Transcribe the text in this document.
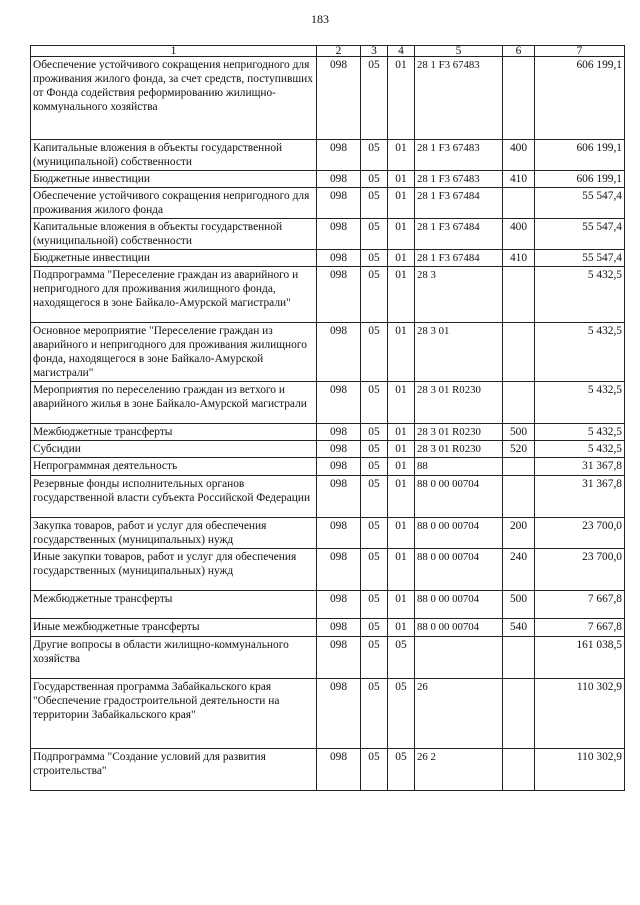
183
1	2	3	4	5	6	7
Обеспечение устойчивого сокращения непригодного для проживания жилого фонда, за счет средств, поступивших от Фонда содействия реформированию жилищно-коммунального хозяйства	098	05	01	28 1 F3 67483		606 199,1
Капитальные вложения в объекты государственной (муниципальной) собственности	098	05	01	28 1 F3 67483	400	606 199,1
Бюджетные инвестиции	098	05	01	28 1 F3 67483	410	606 199,1
Обеспечение устойчивого сокращения непригодного для проживания жилого фонда	098	05	01	28 1 F3 67484		55 547,4
Капитальные вложения в объекты государственной (муниципальной) собственности	098	05	01	28 1 F3 67484	400	55 547,4
Бюджетные инвестиции	098	05	01	28 1 F3 67484	410	55 547,4
Подпрограмма "Переселение граждан из аварийного и непригодного для проживания жилищного фонда, находящегося в зоне Байкало-Амурской магистрали"	098	05	01	28 3		5 432,5
Основное мероприятие "Переселение граждан из аварийного и непригодного для проживания жилищного фонда, находящегося в зоне Байкало-Амурской магистрали"	098	05	01	28 3 01		5 432,5
Мероприятия по переселению граждан из ветхого и аварийного жилья в зоне Байкало-Амурской магистрали	098	05	01	28 3 01 R0230		5 432,5
Межбюджетные трансферты	098	05	01	28 3 01 R0230	500	5 432,5
Субсидии	098	05	01	28 3 01 R0230	520	5 432,5
Непрограммная деятельность	098	05	01	88		31 367,8
Резервные фонды исполнительных органов государственной власти субъекта Российской Федерации	098	05	01	88 0 00 00704		31 367,8
Закупка товаров, работ и услуг для обеспечения государственных (муниципальных) нужд	098	05	01	88 0 00 00704	200	23 700,0
Иные закупки товаров, работ и услуг для обеспечения государственных (муниципальных) нужд	098	05	01	88 0 00 00704	240	23 700,0
Межбюджетные трансферты	098	05	01	88 0 00 00704	500	7 667,8
Иные межбюджетные трансферты	098	05	01	88 0 00 00704	540	7 667,8
Другие вопросы в области жилищно-коммунального хозяйства	098	05	05			161 038,5
Государственная программа Забайкальского края "Обеспечение градостроительной деятельности на территории Забайкальского края"	098	05	05	26		110 302,9
Подпрограмма "Создание условий для развития строительства"	098	05	05	26 2		110 302,9
